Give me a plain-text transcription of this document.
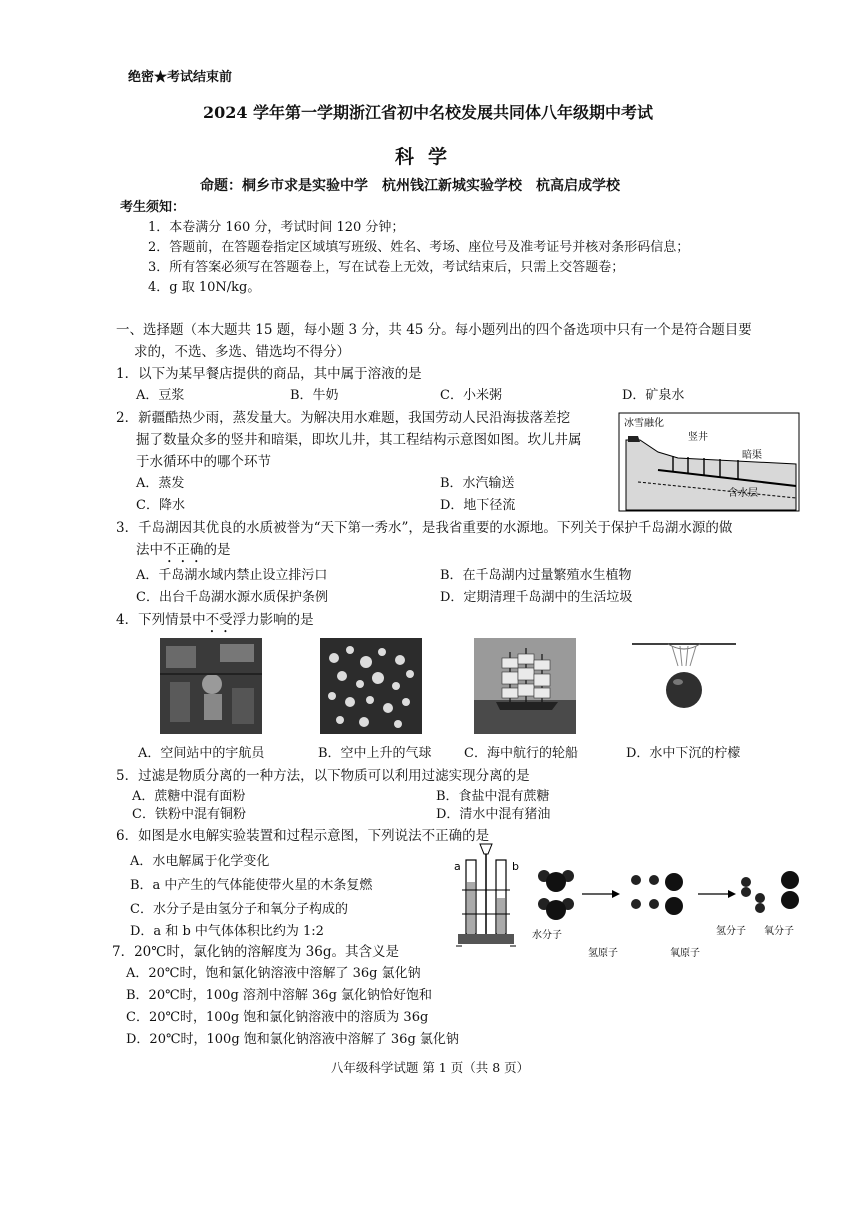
绝密★考试结束前
2024 学年第一学期浙江省初中名校发展共同体八年级期中考试
科学
命题：桐乡市求是实验中学　杭州钱江新城实验学校　杭高启成学校
考生须知：
1．本卷满分 160 分，考试时间 120 分钟；
2．答题前，在答题卷指定区域填写班级、姓名、考场、座位号及准考证号并核对条形码信息；
3．所有答案必须写在答题卷上，写在试卷上无效，考试结束后，只需上交答题卷；
4．g 取 10N/kg。
一、选择题（本大题共 15 题，每小题 3 分，共 45 分。每小题列出的四个备选项中只有一个是符合题目要
求的，不选、多选、错选均不得分）
1．以下为某早餐店提供的商品，其中属于溶液的是
A．豆浆	B．牛奶	C．小米粥	D．矿泉水
2．新疆酷热少雨，蒸发量大。为解决用水难题，我国劳动人民沿海拔落差挖
掘了数量众多的竖井和暗渠，即坎儿井，其工程结构示意图如图。坎儿井属
于水循环中的哪个环节
A．蒸发	B．水汽输送
C．降水	D．地下径流
冰雪融化
竖井
暗渠
含水层
3．千岛湖因其优良的水质被誉为“天下第一秀水”，是我省重要的水源地。下列关于保护千岛湖水源的做
法中不正确的是
A．千岛湖水域内禁止设立排污口	B．在千岛湖内过量繁殖水生植物
C．出台千岛湖水源水质保护条例	D．定期清理千岛湖中的生活垃圾
4．下列情景中不受浮力影响的是
A．空间站中的宇航员	B．空中上升的气球 C．海中航行的轮船	D．水中下沉的柠檬
5．过滤是物质分离的一种方法，以下物质可以利用过滤实现分离的是
A．蔗糖中混有面粉	B．食盐中混有蔗糖
C．铁粉中混有铜粉	D．清水中混有猪油
6．如图是水电解实验装置和过程示意图，下列说法不正确的是
A．水电解属于化学变化
B．a 中产生的气体能使带火星的木条复燃
C．水分子是由氢分子和氧分子构成的
D．a 和 b 中气体体积比约为 1:2
a	b
水分子
氢原子	氧原子
氢分子 氧分子
7．20℃时，氯化钠的溶解度为 36g。其含义是
A．20℃时，饱和氯化钠溶液中溶解了 36g 氯化钠
B．20℃时，100g 溶剂中溶解 36g 氯化钠恰好饱和
C．20℃时，100g 饱和氯化钠溶液中的溶质为 36g
D．20℃时，100g 饱和氯化钠溶液中溶解了 36g 氯化钠
八年级科学试题 第 1 页（共 8 页）
